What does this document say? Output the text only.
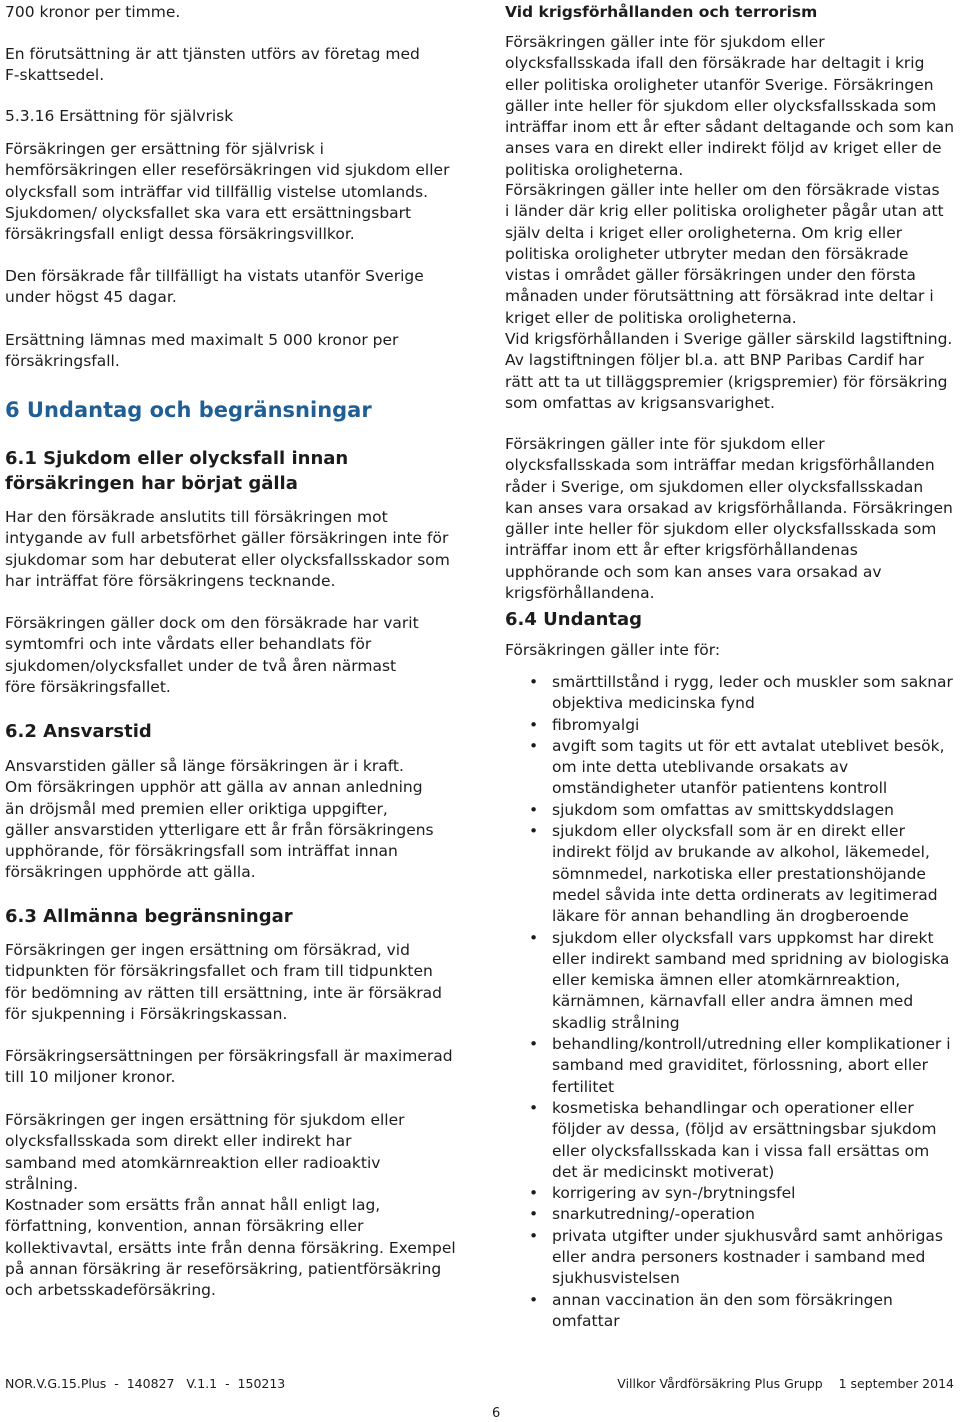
700 kronor per timme.

En förutsättning är att tjänsten utförs av företag med F-skattsedel.

5.3.16 Ersättning för självrisk

Försäkringen ger ersättning för självrisk i hemförsäkringen eller reseförsäkringen vid sjukdom eller olycksfall som inträffar vid tillfällig vistelse utomlands. Sjukdomen/ olycksfallet ska vara ett ersättningsbart försäkringsfall enligt dessa försäkringsvillkor.

Den försäkrade får tillfälligt ha vistats utanför Sverige under högst 45 dagar.

Ersättning lämnas med maximalt 5 000 kronor per försäkringsfall.

6 Undantag och begränsningar
6.1 Sjukdom eller olycksfall innan försäkringen har börjat gälla

Har den försäkrade anslutits till försäkringen mot intygande av full arbetsförhet gäller försäkringen inte för sjukdomar som har debuterat eller olycksfallsskador som har inträffat före försäkringens tecknande.

Försäkringen gäller dock om den försäkrade har varit symtomfri och inte vårdats eller behandlats för sjukdomen/olycksfallet under de två åren närmast före försäkringsfallet.

6.2 Ansvarstid

Ansvarstiden gäller så länge försäkringen är i kraft. Om försäkringen upphör att gälla av annan anledning än dröjsmål med premien eller oriktiga uppgifter, gäller ansvarstiden ytterligare ett år från försäkringens upphörande, för försäkringsfall som inträffat innan försäkringen upphörde att gälla.

6.3 Allmänna begränsningar

Försäkringen ger ingen ersättning om försäkrad, vid tidpunkten för försäkringsfallet och fram till tidpunkten för bedömning av rätten till ersättning, inte är försäkrad för sjukpenning i Försäkringskassan.

Försäkringsersättningen per försäkringsfall är maximerad till 10 miljoner kronor.

Försäkringen ger ingen ersättning för sjukdom eller olycksfallsskada som direkt eller indirekt har samband med atomkärnreaktion eller radioaktiv strålning.

Kostnader som ersätts från annat håll enligt lag, författning, konvention, annan försäkring eller kollektivavtal, ersätts inte från denna försäkring. Exempel på annan försäkring är reseförsäkring, patientförsäkring och arbetsskadeförsäkring.

Vid krigsförhållanden och terrorism

Försäkringen gäller inte för sjukdom eller olycksfallsskada ifall den försäkrade har deltagit i krig eller politiska oroligheter utanför Sverige. Försäkringen gäller inte heller för sjukdom eller olycksfallsskada som inträffar inom ett år efter sådant deltagande och som kan anses vara en direkt eller indirekt följd av kriget eller de politiska oroligheterna.

Försäkringen gäller inte heller om den försäkrade vistas i länder där krig eller politiska oroligheter pågår utan att själv delta i kriget eller oroligheterna. Om krig eller politiska oroligheter utbryter medan den försäkrade vistas i området gäller försäkringen under den första månaden under förutsättning att försäkrad inte deltar i kriget eller de politiska oroligheterna.

Vid krigsförhållanden i Sverige gäller särskild lagstiftning. Av lagstiftningen följer bl.a. att BNP Paribas Cardif har rätt att ta ut tilläggspremier (krigspremier) för försäkring som omfattas av krigsansvarighet.

Försäkringen gäller inte för sjukdom eller olycksfallsskada som inträffar medan krigsförhållanden råder i Sverige, om sjukdomen eller olycksfallsskadan kan anses vara orsakad av krigsförhållanda. Försäkringen gäller inte heller för sjukdom eller olycksfallsskada som inträffar inom ett år efter krigsförhållandenas upphörande och som kan anses vara orsakad av krigsförhållandena.

6.4 Undantag

Försäkringen gäller inte för:

• smärttillstånd i rygg, leder och muskler som saknar objektiva medicinska fynd
• fibromyalgi
• avgift som tagits ut för ett avtalat uteblivet besök, om inte detta uteblivande orsakats av omständigheter utanför patientens kontroll
• sjukdom som omfattas av smittskyddslagen
• sjukdom eller olycksfall som är en direkt eller indirekt följd av brukande av alkohol, läkemedel, sömnmedel, narkotiska eller prestationshöjande medel såvida inte detta ordinerats av legitimerad läkare för annan behandling än drogberoende
• sjukdom eller olycksfall vars uppkomst har direkt eller indirekt samband med spridning av biologiska eller kemiska ämnen eller atomkärnreaktion, kärnämnen, kärnavfall eller andra ämnen med skadlig strålning
• behandling/kontroll/utredning eller komplikationer i samband med graviditet, förlossning, abort eller fertilitet
• kosmetiska behandlingar och operationer eller följder av dessa, (följd av ersättningsbar sjukdom eller olycksfallsskada kan i vissa fall ersättas om det är medicinskt motiverat)
• korrigering av syn-/brytningsfel
• snarkutredning/-operation
• privata utgifter under sjukhusvård samt anhörigas eller andra personers kostnader i samband med sjukhusvistelsen
• annan vaccination än den som försäkringen omfattar
NOR.V.G.15.Plus  -  140827   V.1.1  -  150213	Villkor Vårdförsäkring Plus Grupp    1 september 2014
6
